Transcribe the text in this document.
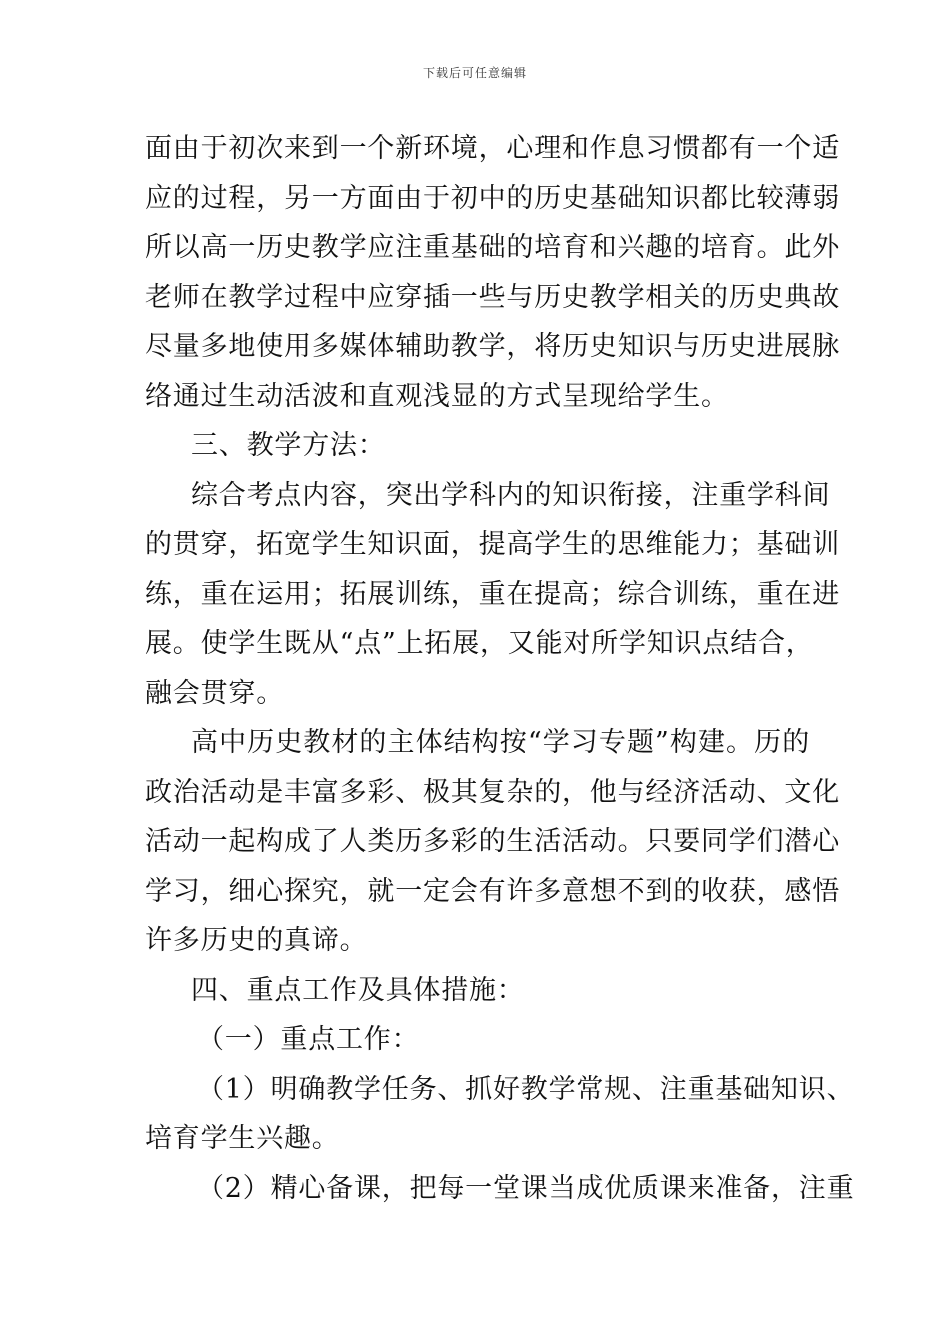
下载后可任意编辑
面由于初次来到一个新环境，心理和作息习惯都有一个适
应的过程，另一方面由于初中的历史基础知识都比较薄弱
所以高一历史教学应注重基础的培育和兴趣的培育。此外
老师在教学过程中应穿插一些与历史教学相关的历史典故
尽量多地使用多媒体辅助教学，将历史知识与历史进展脉
络通过生动活波和直观浅显的方式呈现给学生。
三、教学方法：
综合考点内容，突出学科内的知识衔接，注重学科间
的贯穿，拓宽学生知识面，提高学生的思维能力；基础训
练，重在运用；拓展训练，重在提高；综合训练，重在进
展。使学生既从“点”上拓展，又能对所学知识点结合，
融会贯穿。
高中历史教材的主体结构按“学习专题”构建。历的
政治活动是丰富多彩、极其复杂的，他与经济活动、文化
活动一起构成了人类历多彩的生活活动。只要同学们潜心
学习，细心探究，就一定会有许多意想不到的收获，感悟
许多历史的真谛。
四、重点工作及具体措施：
（一）重点工作：
（1）明确教学任务、抓好教学常规、注重基础知识、
培育学生兴趣。
（2）精心备课，把每一堂课当成优质课来准备，注重
